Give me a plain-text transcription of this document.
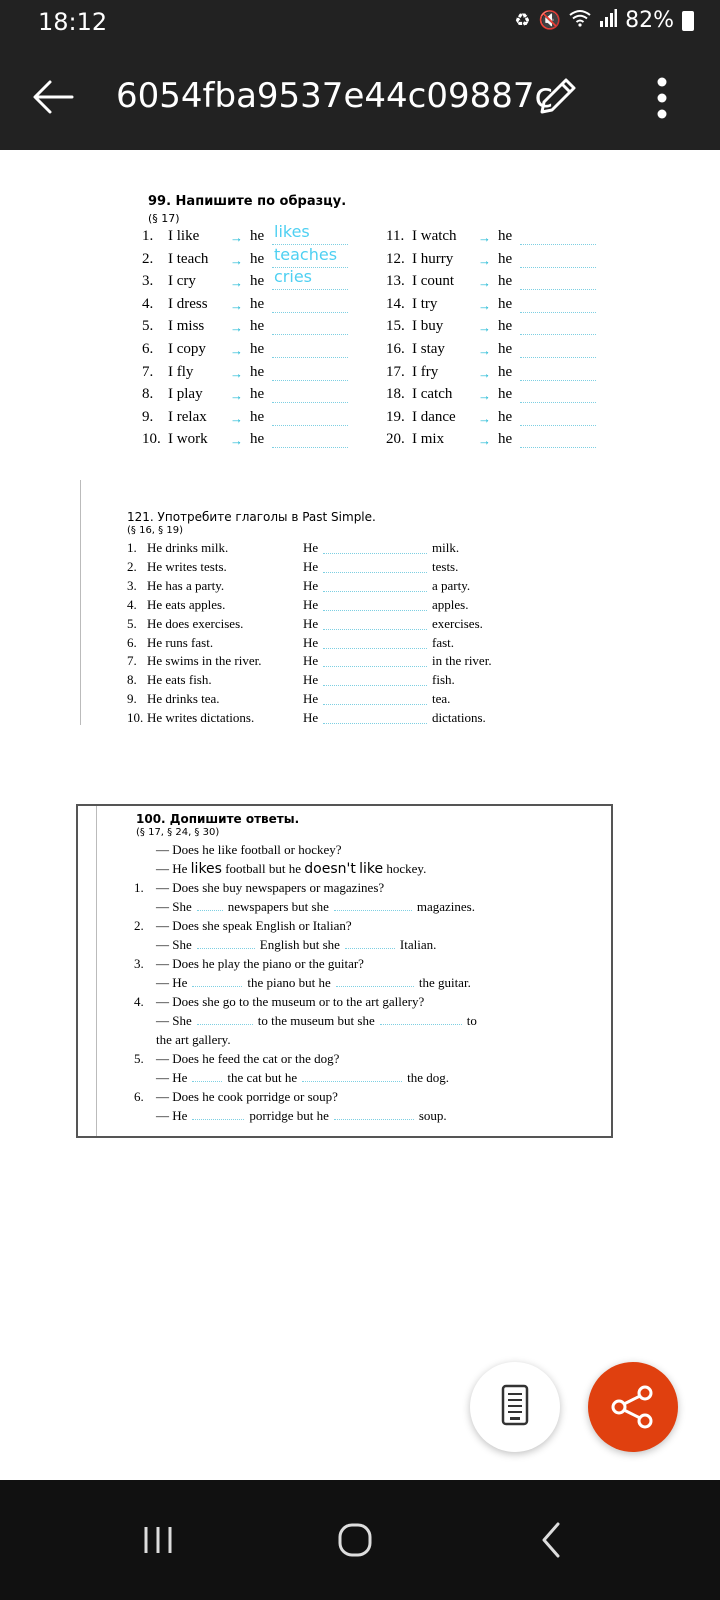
18:12	♻ 🔇	82%
6054fba9537e44c09887c
99. Напишите по образцу.
(§ 17)
1. I like → he likes
2. I teach → he teaches
3. I cry	→ he cries
4. I dress → he
5. I miss → he
6. I copy → he
7. I fly	→ he
8. I play → he
9. I relax → he
10. I work → he
11. I watch → he
12. I hurry → he
13. I count → he
14. I try	→ he
15. I buy	→ he
16. I stay	→ he
17. I fry	→ he
18. I catch → he
19. I dance → he
20. I mix	→ he
121. Употребите глаголы в Past Simple.
(§ 16, § 19)
1. He drinks milk.	He	milk.
2. He writes tests.	He	tests.
3. He has a party.	He	a party.
4. He eats apples.	He	apples.
5. He does exercises.	He	exercises.
6. He runs fast.	He	fast.
7. He swims in the river.	He	in the river.
8. He eats fish.	He	fish.
9. He drinks tea.	He	tea.
10. He writes dictations.	He	dictations.
100. Допишите ответы.
(§ 17, § 24, § 30)
— Does he like football or hockey?
— He likes football but he doesn't like hockey.
1. — Does she buy newspapers or magazines?
— She	newspapers but she	magazines.
2. — Does she speak English or Italian?
— She	English but she	Italian.
3. — Does he play the piano or the guitar?
— He	the piano but he	the guitar.
4. — Does she go to the museum or to the art gallery?
— She	to the museum but she	to
the art gallery.
5. — Does he feed the cat or the dog?
— He	the cat but he	the dog.
6. — Does he cook porridge or soup?
— He	porridge but he	soup.
